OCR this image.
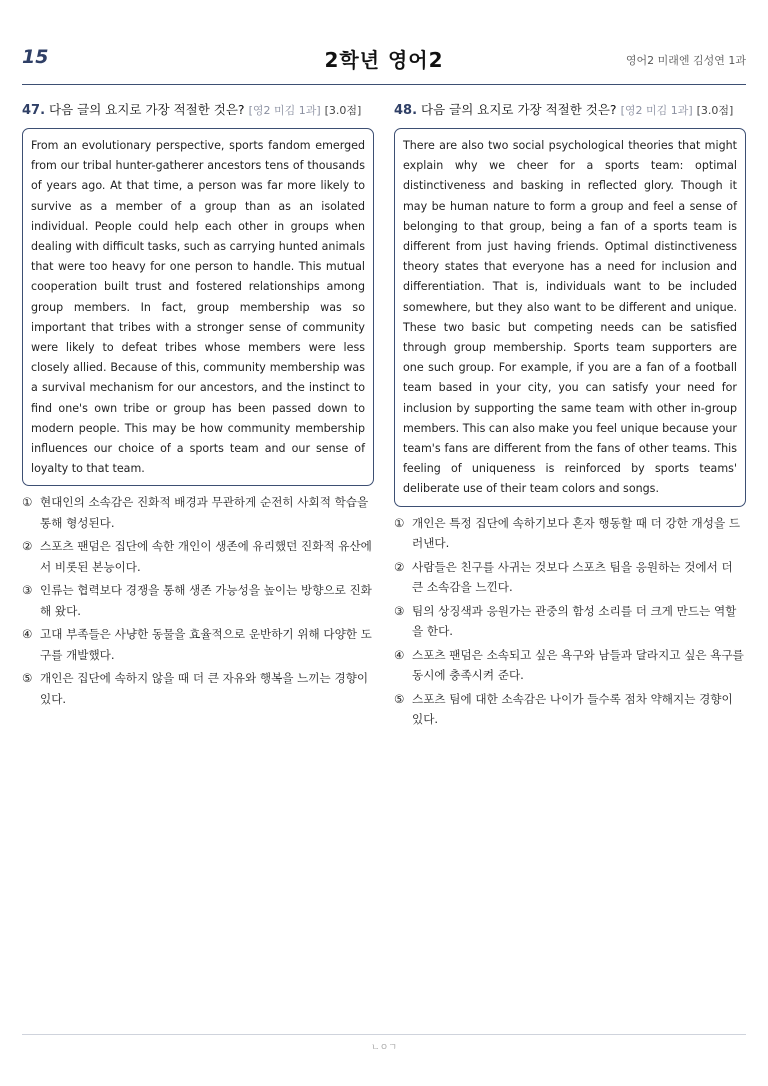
15	2학년 영어2	영어2 미래엔 김성연 1과
47. 다음 글의 요지로 가장 적절한 것은? [영2 미김 1과] [3.0점]
From an evolutionary perspective, sports fandom emerged from our tribal hunter-gatherer ancestors tens of thousands of years ago. At that time, a person was far more likely to survive as a member of a group than as an isolated individual. People could help each other in groups when dealing with difficult tasks, such as carrying hunted animals that were too heavy for one person to handle. This mutual cooperation built trust and fostered relationships among group members. In fact, group membership was so important that tribes with a stronger sense of community were likely to defeat tribes whose members were less closely allied. Because of this, community membership was a survival mechanism for our ancestors, and the instinct to find one's own tribe or group has been passed down to modern people. This may be how community membership influences our choice of a sports team and our sense of loyalty to that team.
① 현대인의 소속감은 진화적 배경과 무관하게 순전히 사회적 학습을 통해 형성된다.
② 스포츠 팬덤은 집단에 속한 개인이 생존에 유리했던 진화적 유산에서 비롯된 본능이다.
③ 인류는 협력보다 경쟁을 통해 생존 가능성을 높이는 방향으로 진화해 왔다.
④ 고대 부족들은 사냥한 동물을 효율적으로 운반하기 위해 다양한 도구를 개발했다.
⑤ 개인은 집단에 속하지 않을 때 더 큰 자유와 행복을 느끼는 경향이 있다.
48. 다음 글의 요지로 가장 적절한 것은? [영2 미김 1과] [3.0점]
There are also two social psychological theories that might explain why we cheer for a sports team: optimal distinctiveness and basking in reflected glory. Though it may be human nature to form a group and feel a sense of belonging to that group, being a fan of a sports team is different from just having friends. Optimal distinctiveness theory states that everyone has a need for inclusion and differentiation. That is, individuals want to be included somewhere, but they also want to be different and unique. These two basic but competing needs can be satisfied through group membership. Sports team supporters are one such group. For example, if you are a fan of a football team based in your city, you can satisfy your need for inclusion by supporting the same team with other in-group members. This can also make you feel unique because your team's fans are different from the fans of other teams. This feeling of uniqueness is reinforced by sports teams' deliberate use of their team colors and songs.
① 개인은 특정 집단에 속하기보다 혼자 행동할 때 더 강한 개성을 드러낸다.
② 사람들은 친구를 사귀는 것보다 스포츠 팀을 응원하는 것에서 더 큰 소속감을 느낀다.
③ 팀의 상징색과 응원가는 관중의 함성 소리를 더 크게 만드는 역할을 한다.
④ 스포츠 팬덤은 소속되고 싶은 욕구와 남들과 달라지고 싶은 욕구를 동시에 충족시켜 준다.
⑤ 스포츠 팀에 대한 소속감은 나이가 들수록 점차 약해지는 경향이 있다.
ㄴㅇㄱ
